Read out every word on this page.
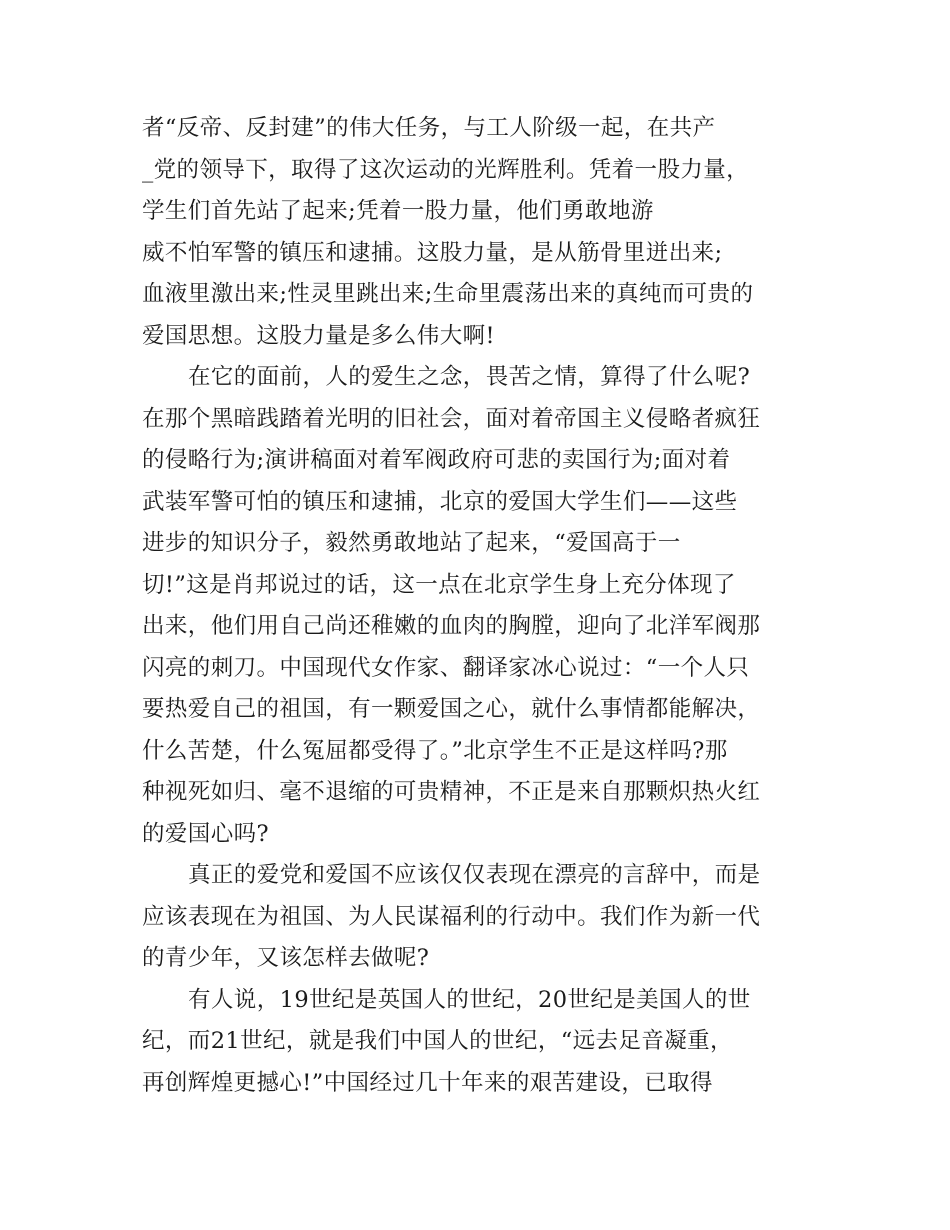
者“反帝、反封建”的伟大任务，与工人阶级一起，在共产
_党的领导下，取得了这次运动的光辉胜利。凭着一股力量，
学生们首先站了起来;凭着一股力量，他们勇敢地游
威不怕军警的镇压和逮捕。这股力量，是从筋骨里迸出来;
血液里激出来;性灵里跳出来;生命里震荡出来的真纯而可贵的
爱国思想。这股力量是多么伟大啊!
在它的面前，人的爱生之念，畏苦之情，算得了什么呢?
在那个黑暗践踏着光明的旧社会，面对着帝国主义侵略者疯狂
的侵略行为;演讲稿面对着军阀政府可悲的卖国行为;面对着
武装军警可怕的镇压和逮捕，北京的爱国大学生们——这些
进步的知识分子，毅然勇敢地站了起来，“爱国高于一
切!”这是肖邦说过的话，这一点在北京学生身上充分体现了
出来，他们用自己尚还稚嫩的血肉的胸膛，迎向了北洋军阀那
闪亮的刺刀。中国现代女作家、翻译家冰心说过：“一个人只
要热爱自己的祖国，有一颗爱国之心，就什么事情都能解决，
什么苦楚，什么冤屈都受得了。”北京学生不正是这样吗?那
种视死如归、毫不退缩的可贵精神，不正是来自那颗炽热火红
的爱国心吗?
真正的爱党和爱国不应该仅仅表现在漂亮的言辞中，而是
应该表现在为祖国、为人民谋福利的行动中。我们作为新一代
的青少年，又该怎样去做呢?
有人说，19世纪是英国人的世纪，20世纪是美国人的世
纪，而21世纪，就是我们中国人的世纪，“远去足音凝重，
再创辉煌更撼心!”中国经过几十年来的艰苦建设，已取得
